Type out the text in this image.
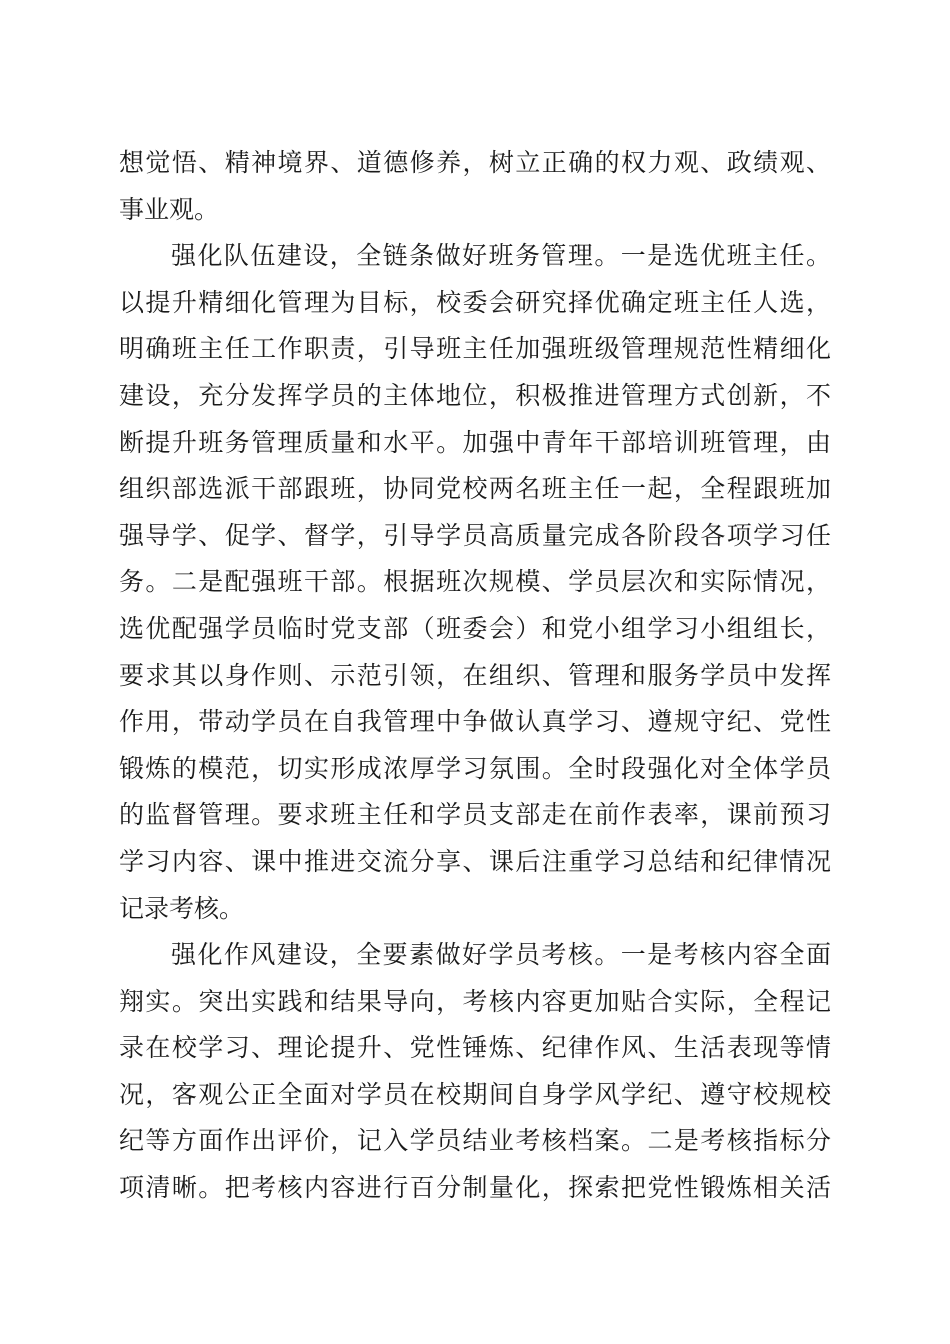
想觉悟、精神境界、道德修养，树立正确的权力观、政绩观、
事业观。
强化队伍建设，全链条做好班务管理。一是选优班主任。
以提升精细化管理为目标，校委会研究择优确定班主任人选，
明确班主任工作职责，引导班主任加强班级管理规范性精细化
建设，充分发挥学员的主体地位，积极推进管理方式创新，不
断提升班务管理质量和水平。加强中青年干部培训班管理，由
组织部选派干部跟班，协同党校两名班主任一起，全程跟班加
强导学、促学、督学，引导学员高质量完成各阶段各项学习任
务。二是配强班干部。根据班次规模、学员层次和实际情况，
选优配强学员临时党支部（班委会）和党小组学习小组组长，
要求其以身作则、示范引领，在组织、管理和服务学员中发挥
作用，带动学员在自我管理中争做认真学习、遵规守纪、党性
锻炼的模范，切实形成浓厚学习氛围。全时段强化对全体学员
的监督管理。要求班主任和学员支部走在前作表率，课前预习
学习内容、课中推进交流分享、课后注重学习总结和纪律情况
记录考核。
强化作风建设，全要素做好学员考核。一是考核内容全面
翔实。突出实践和结果导向，考核内容更加贴合实际，全程记
录在校学习、理论提升、党性锤炼、纪律作风、生活表现等情
况，客观公正全面对学员在校期间自身学风学纪、遵守校规校
纪等方面作出评价，记入学员结业考核档案。二是考核指标分
项清晰。把考核内容进行百分制量化，探索把党性锻炼相关活
